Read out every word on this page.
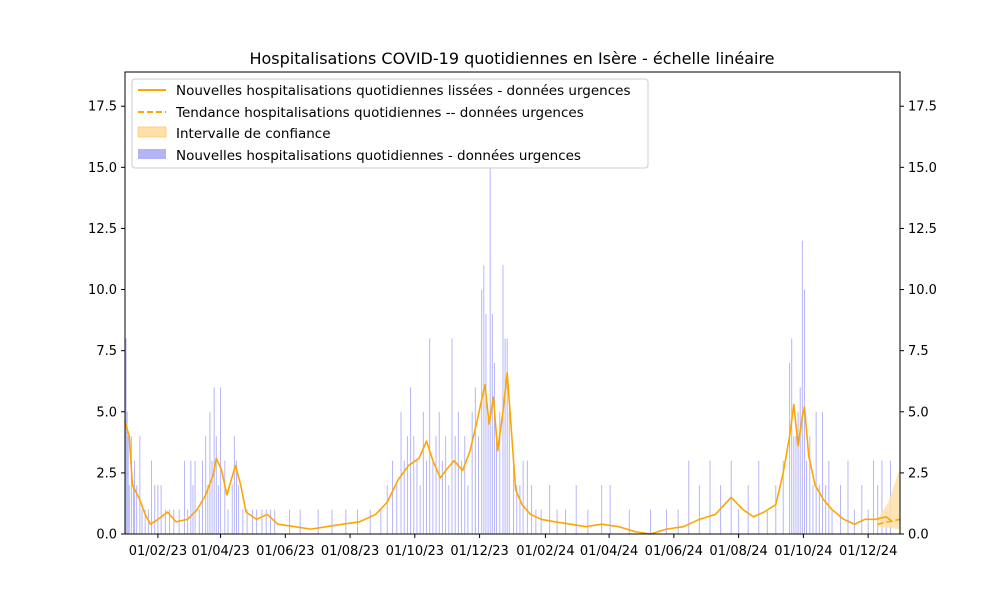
Hospitalisations COVID-19 quotidiennes en Isère - échelle linéaire
0.0
2.5
5.0
7.5
10.0
12.5
15.0
17.5
0.0
2.5
5.0
7.5
10.0
12.5
15.0
17.5
01/02/23 01/04/23 01/06/23 01/08/23 01/10/23 01/12/23 01/02/24 01/04/24 01/06/24 01/08/24 01/10/24 01/12/24
Nouvelles hospitalisations quotidiennes lissées - données urgences
Tendance hospitalisations quotidiennes -- données urgences
Intervalle de confiance
Nouvelles hospitalisations quotidiennes - données urgences
